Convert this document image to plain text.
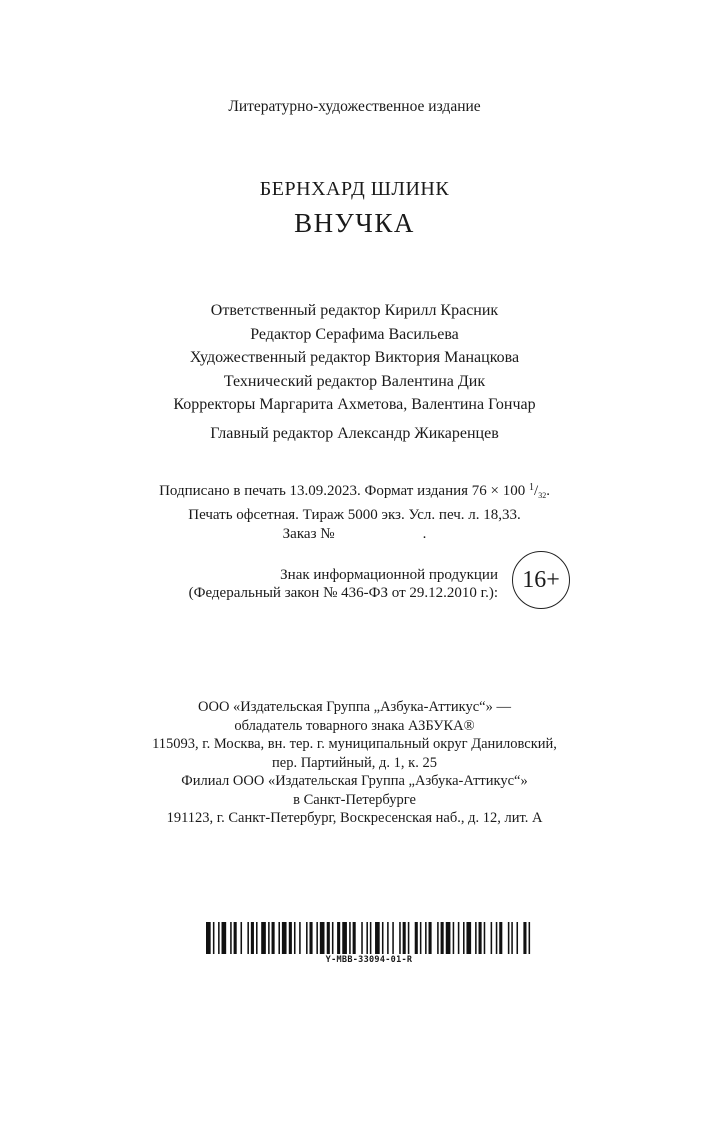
Литературно-художественное издание
БЕРНХАРД ШЛИНК
ВНУЧКА
Ответственный редактор Кирилл Красник
Редактор Серафима Васильева
Художественный редактор Виктория Манацкова
Технический редактор Валентина Дик
Корректоры Маргарита Ахметова, Валентина Гончар
Главный редактор Александр Жикаренцев
Подписано в печать 13.09.2023. Формат издания 76 × 100 $^1/_{32}$.
Печать офсетная. Тираж 5000 экз. Усл. печ. л. 18,33.
Заказ №	.
Знак информационной продукции
(Федеральный закон № 436-ФЗ от 29.12.2010 г.):
16+
ООО «Издательская Группа „Азбука-Аттикус“» —
обладатель товарного знака АЗБУКА®
115093, г. Москва, вн. тер. г. муниципальный округ Даниловский,
пер. Партийный, д. 1, к. 25
Филиал ООО «Издательская Группа „Азбука-Аттикус“»
в Санкт-Петербурге
191123, г. Санкт-Петербург, Воскресенская наб., д. 12, лит. А
Y-MBB-33094-01-R
